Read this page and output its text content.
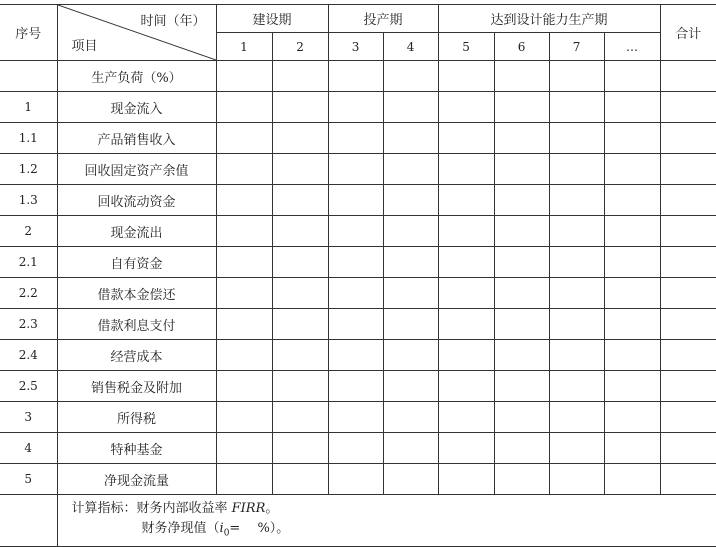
序号	时间（年）
项目	建设期		投产期		达到设计能力生产期				合计
		1	2	3	4	5	6	7	…	
	生产负荷（%）									
1	现金流入									
1.1	产品销售收入									
1.2	回收固定资产余值									
1.3	回收流动资金									
2	现金流出									
2.1	自有资金									
2.2	借款本金偿还									
2.3	借款利息支付									
2.4	经营成本									
2.5	销售税金及附加									
3	所得税									
4	特种基金									
5	净现金流量									

	计算指标：财务内部收益率 FIRR。
财务净现值（$i_0=$　 %）。									
